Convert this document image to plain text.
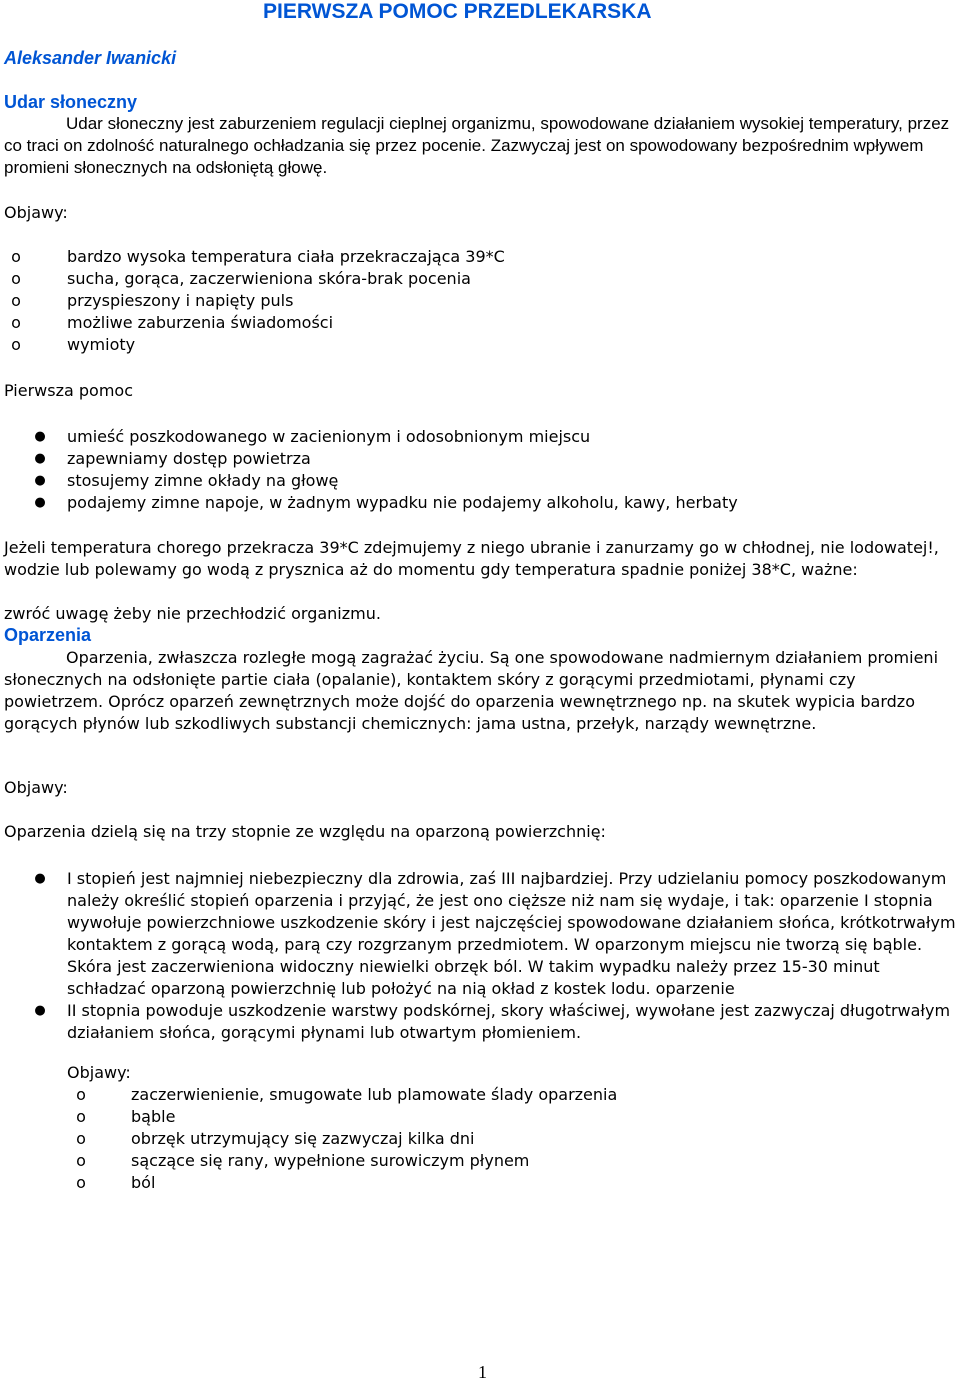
PIERWSZA POMOC PRZEDLEKARSKA
Aleksander Iwanicki
Udar słoneczny

Udar słoneczny jest zaburzeniem regulacji cieplnej organizmu, spowodowane działaniem wysokiej temperatury, przez co traci on zdolność naturalnego ochładzania się przez pocenie. Zazwyczaj jest on spowodowany bezpośrednim wpływem promieni słonecznych na odsłoniętą głowę.

Objawy:

o	bardzo wysoka temperatura ciała przekraczająca 39*C
o	sucha, gorąca, zaczerwieniona skóra-brak pocenia
o	przyspieszony i napięty puls
o	możliwe zaburzenia świadomości
o	wymioty

Pierwsza pomoc

● umieść poszkodowanego w zacienionym i odosobnionym miejscu
● zapewniamy dostęp powietrza
● stosujemy zimne okłady na głowę
● podajemy zimne napoje, w żadnym wypadku nie podajemy alkoholu, kawy, herbaty

Jeżeli temperatura chorego przekracza 39*C zdejmujemy z niego ubranie i zanurzamy go w chłodnej, nie lodowatej!, wodzie lub polewamy go wodą z prysznica aż do momentu gdy temperatura spadnie poniżej 38*C, ważne:

zwróć uwagę żeby nie przechłodzić organizmu.

Oparzenia

Oparzenia, zwłaszcza rozległe mogą zagrażać życiu. Są one spowodowane nadmiernym działaniem promieni słonecznych na odsłonięte partie ciała (opalanie), kontaktem skóry z gorącymi przedmiotami, płynami czy powietrzem. Oprócz oparzeń zewnętrznych może dojść do oparzenia wewnętrznego np. na skutek wypicia bardzo gorących płynów lub szkodliwych substancji chemicznych: jama ustna, przełyk, narządy wewnętrzne.

Objawy:

Oparzenia dzielą się na trzy stopnie ze względu na oparzoną powierzchnię:

● I stopień jest najmniej niebezpieczny dla zdrowia, zaś III najbardziej. Przy udzielaniu pomocy poszkodowanym należy określić stopień oparzenia i przyjąć, że jest ono cięższe niż nam się wydaje, i tak: oparzenie I stopnia wywołuje powierzchniowe uszkodzenie skóry i jest najczęściej spowodowane działaniem słońca, krótkotrwałym kontaktem z gorącą wodą, parą czy rozgrzanym przedmiotem. W oparzonym miejscu nie tworzą się bąble. Skóra jest zaczerwieniona widoczny niewielki obrzęk ból. W takim wypadku należy przez 15-30 minut schładzać oparzoną powierzchnię lub położyć na nią okład z kostek lodu. oparzenie
● II stopnia powoduje uszkodzenie warstwy podskórnej, skory właściwej, wywołane jest zazwyczaj długotrwałym działaniem słońca, gorącymi płynami lub otwartym płomieniem.

Objawy:

o	zaczerwienienie, smugowate lub plamowate ślady oparzenia
o	bąble
o	obrzęk utrzymujący się zazwyczaj kilka dni
o	sączące się rany, wypełnione surowiczym płynem
o	ból
1
